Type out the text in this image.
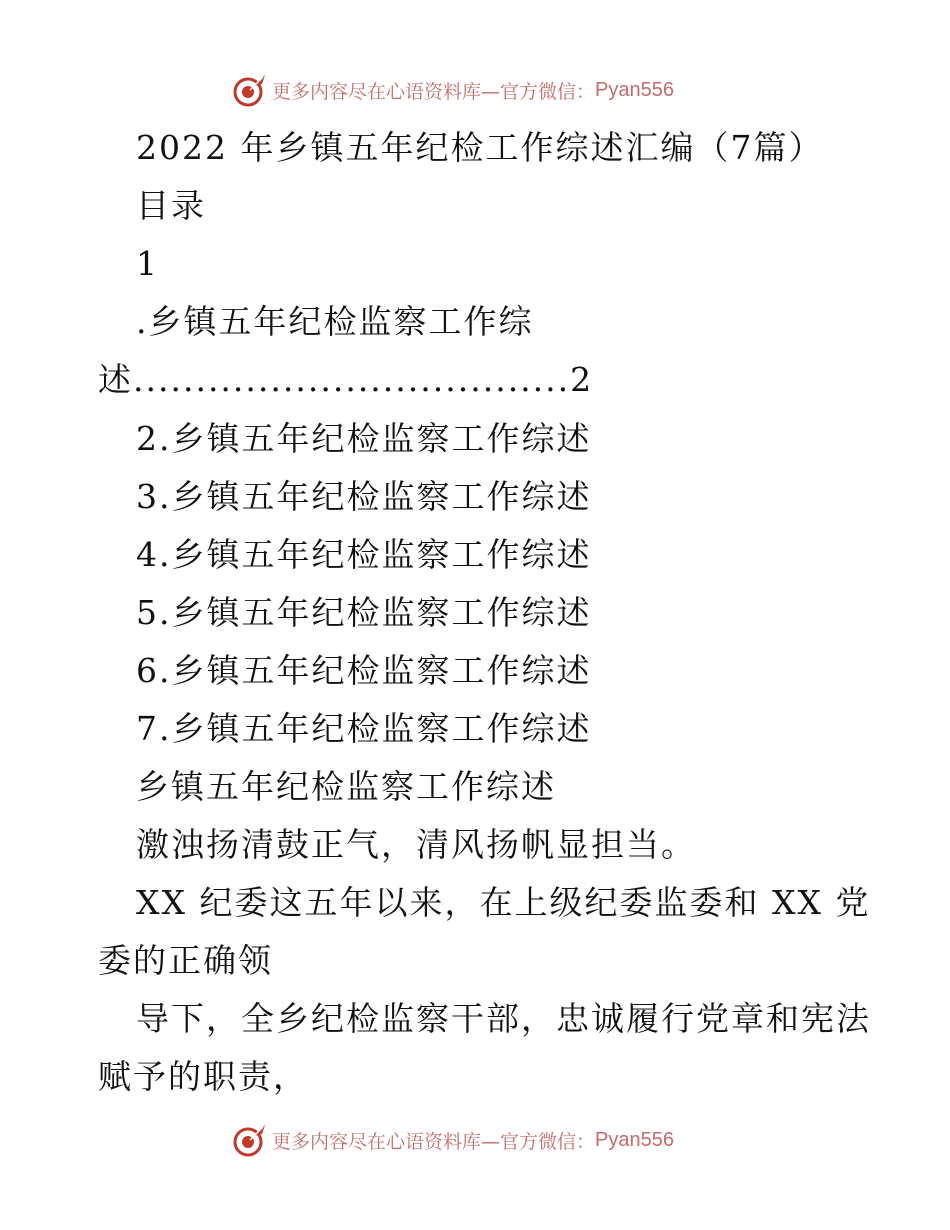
更多内容尽在心语资料库—官方微信： Pyan556
2022 年乡镇五年纪检工作综述汇编（7篇）
目录
1
.乡镇五年纪检监察工作综
述...................................2
2.乡镇五年纪检监察工作综述
3.乡镇五年纪检监察工作综述
4.乡镇五年纪检监察工作综述
5.乡镇五年纪检监察工作综述
6.乡镇五年纪检监察工作综述
7.乡镇五年纪检监察工作综述
乡镇五年纪检监察工作综述
激浊扬清鼓正气，清风扬帆显担当。
XX 纪委这五年以来，在上级纪委监委和 XX 党
委的正确领
导下，全乡纪检监察干部，忠诚履行党章和宪法
赋予的职责，
更多内容尽在心语资料库—官方微信： Pyan556
